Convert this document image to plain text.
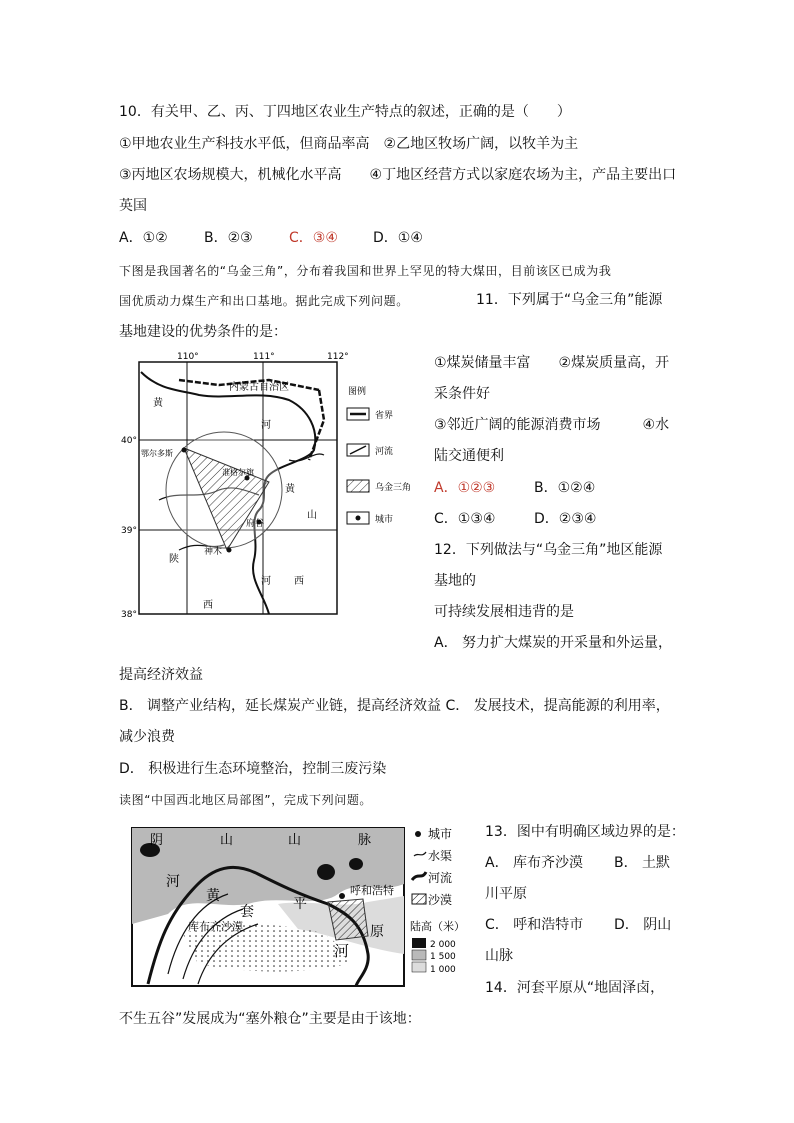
10．有关甲、乙、丙、丁四地区农业生产特点的叙述，正确的是（　　）
①甲地农业生产科技水平低，但商品率高　②乙地区牧场广阔，以牧羊为主
③丙地区农场规模大，机械化水平高　　④丁地区经营方式以家庭农场为主，产品主要出口
英国
A．①②	B．②③	C．③④	D．①④
下图是我国著名的“乌金三角”，分布着我国和世界上罕见的特大煤田，目前该区已成为我
国优质动力煤生产和出口基地。据此完成下列问题。	11．下列属于“乌金三角”能源
基地建设的优势条件的是：
110°	111°	112°
40°
39°
38°
内蒙古自治区
黄
河
鄂尔多斯
准格尔旗
府谷
神木
陕
西
河 西
山
黄
图例
省界
河流
乌金三角
城市
①煤炭储量丰富　　②煤炭质量高，开
采条件好
③邻近广阔的能源消费市场　　　④水
陆交通便利
A．①②③	B．①②④
C．①③④	D．②③④
12．下列做法与“乌金三角”地区能源
基地的
可持续发展相违背的是
A． 努力扩大煤炭的开采量和外运量，
提高经济效益
B． 调整产业结构，延长煤炭产业链，提高经济效益 C． 发展技术，提高能源的利用率，
减少浪费
D． 积极进行生态环境整治，控制三废污染
读图“中国西北地区局部图”，完成下列问题。
阴	山	山	脉
河
黄
套	平
原
河
库布齐沙漠
呼和浩特
城市
水渠
河流
沙漠
陆高（米）
2 000
1 500
1 000
13．图中有明确区域边界的是：
A． 库布齐沙漠 B． 土默
川平原
C． 呼和浩特市 D． 阴山
山脉
14．河套平原从“地固泽卤，
不生五谷”发展成为“塞外粮仓”主要是由于该地：
